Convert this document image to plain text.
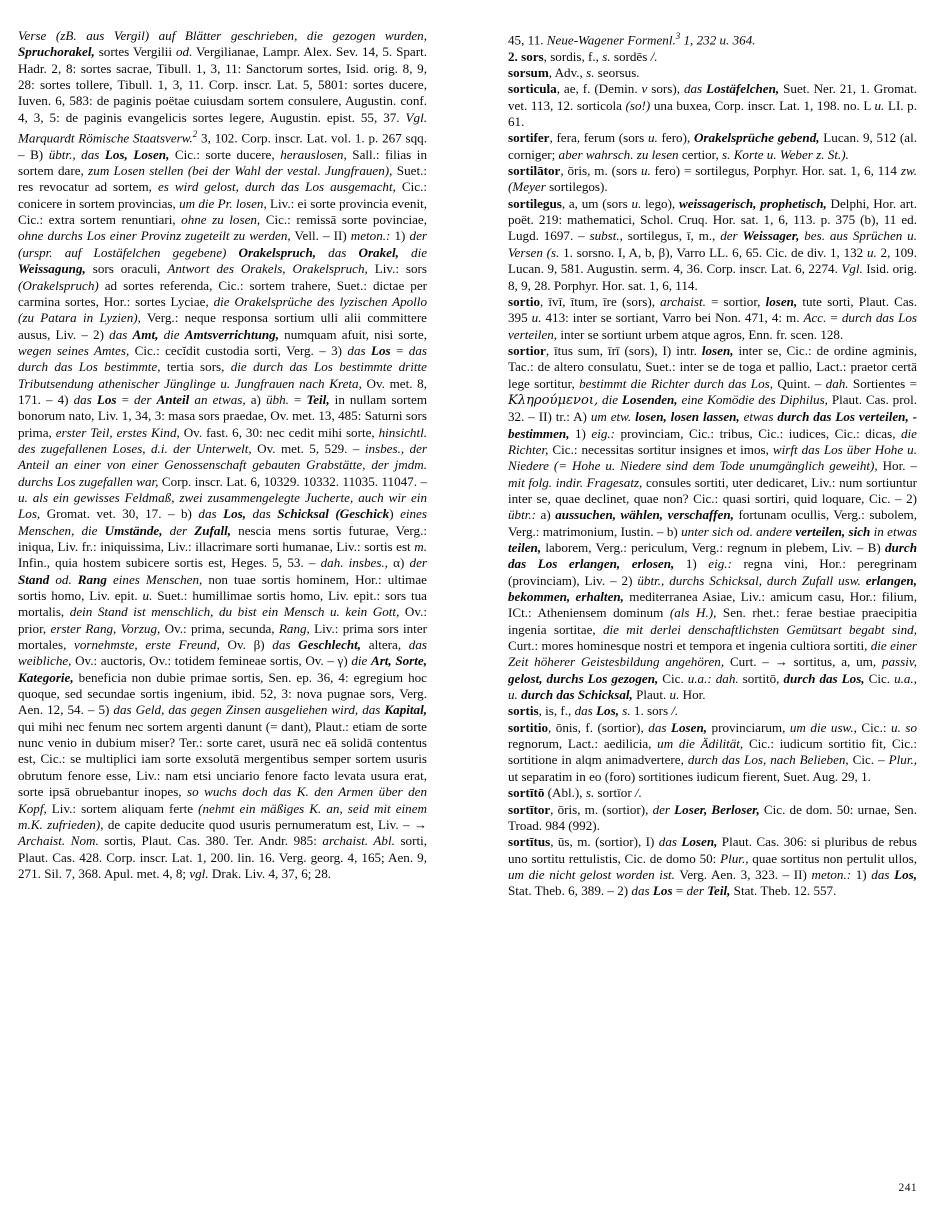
Verse (zB. aus Vergil) auf Blätter geschrieben, die gezogen wurden, Spruchorakel, sortes Vergilii od. Vergilianae, Lampr. Alex. Sev. 14, 5. Spart. Hadr. 2, 8: sortes sacrae, Tibull. 1, 3, 11: Sanctorum sortes, Isid. orig. 8, 9, 28: sortes tollere, Tibull. 1, 3, 11. Corp. inscr. Lat. 5, 5801: sortes ducere, Iuven. 6, 583: de paginis poëtae cuiusdam sortem consulere, Augustin. conf. 4, 3, 5: de paginis evangelicis sortes legere, Augustin. epist. 55, 37. Vgl. Marquardt Römische Staatsverw.$^2$ 3, 102. Corp. inscr. Lat. vol. 1. p. 267 sqq. – B) übtr., das Los, Losen, Cic.: sorte ducere, herauslosen, Sall.: filias in sortem dare, zum Losen stellen (bei der Wahl der vestal. Jungfrauen), Suet.: res revocatur ad sortem, es wird gelost, durch das Los ausgemacht, Cic.: conicere in sortem provincias, um die Pr. losen, Liv.: ei sorte provincia evenit, Cic.: extra sortem renuntiari, ohne zu losen, Cic.: remissā sorte povinciae, ohne durchs Los einer Provinz zugeteilt zu werden, Vell. – II) meton.: 1) der (urspr. auf Lostäfelchen gegebene) Orakelspruch, das Orakel, die Weissagung, sors oraculi, Antwort des Orakels, Orakelspruch, Liv.: sors (Orakelspruch) ad sortes referenda, Cic.: sortem trahere, Suet.: dictae per carmina sortes, Hor.: sortes Lyciae, die Orakelsprüche des lyzischen Apollo (zu Patara in Lyzien), Verg.: neque responsa sortium ulli alii committere ausus, Liv. – 2) das Amt, die Amtsverrichtung, numquam afuit, nisi sorte, wegen seines Amtes, Cic.: cecĭdit custodia sorti, Verg. – 3) das Los = das durch das Los bestimmte, tertia sors, die durch das Los bestimmte dritte Tributsendung athenischer Jünglinge u. Jungfrauen nach Kreta, Ov. met. 8, 171. – 4) das Los = der Anteil an etwas, a) übh. = Teil, in nullam sortem bonorum nato, Liv. 1, 34, 3: masa sors praedae, Ov. met. 13, 485: Saturni sors prima, erster Teil, erstes Kind, Ov. fast. 6, 30: nec cedit mihi sorte, hinsichtl. des zugefallenen Loses, d.i. der Unterwelt, Ov. met. 5, 529. – insbes., der Anteil an einer von einer Genossenschaft gebauten Grabstätte, der jmdm. durchs Los zugefallen war, Corp. inscr. Lat. 6, 10329. 10332. 11035. 11047. – u. als ein gewisses Feldmaß, zwei zusammengelegte Jucherte, auch wir ein Los, Gromat. vet. 30, 17. – b) das Los, das Schicksal (Geschick) eines Menschen, die Umstände, der Zufall, nescia mens sortis futurae, Verg.: iniqua, Liv. fr.: iniquissima, Liv.: illacrimare sorti humanae, Liv.: sortis est m. Infin., quia hostem subicere sortis est, Heges. 5, 53. – dah. insbes., α) der Stand od. Rang eines Menschen, non tuae sortis hominem, Hor.: ultimae sortis homo, Liv. epit. u. Suet.: humillimae sortis homo, Liv. epit.: sors tua mortalis, dein Stand ist menschlich, du bist ein Mensch u. kein Gott, Ov.: prior, erster Rang, Vorzug, Ov.: prima, secunda, Rang, Liv.: prima sors inter mortales, vornehmste, erste Freund, Ov. β) das Geschlecht, altera, das weibliche, Ov.: auctoris, Ov.: totidem femineae sortis, Ov. – γ) die Art, Sorte, Kategorie, beneficia non dubie primae sortis, Sen. ep. 36, 4: egregium hoc quoque, sed secundae sortis ingenium, ibid. 52, 3: nova pugnae sors, Verg. Aen. 12, 54. – 5) das Geld, das gegen Zinsen ausgeliehen wird, das Kapital, qui mihi nec fenum nec sortem argenti danunt (= dant), Plaut.: etiam de sorte nunc venio in dubium miser? Ter.: sorte caret, usurā nec eā solidā contentus est, Cic.: se multiplici iam sorte exsolutā mergentibus semper sortem usuris obrutum fenore esse, Liv.: nam etsi unciario fenore facto levata usura erat, sorte ipsā obruebantur inopes, so wuchs doch das K. den Armen über den Kopf, Liv.: sortem aliquam ferte (nehmt ein mäßiges K. an, seid mit einem m.K. zufrieden), de capite deducite quod usuris pernumeratum est, Liv. – → Archaist. Nom. sortis, Plaut. Cas. 380. Ter. Andr. 985: archaist. Abl. sorti, Plaut. Cas. 428. Corp. inscr. Lat. 1, 200. lin. 16. Verg. georg. 4, 165; Aen. 9, 271. Sil. 7, 368. Apul. met. 4, 8; vgl. Drak. Liv. 4, 37, 6; 28.

45, 11. Neue-Wagener Formenl.$^3$ 1, 232 u. 364.

2. sors, sordis, f., s. sordēs /.

sorsum, Adv., s. seorsus.

sorticula, ae, f. (Demin. v sors), das Lostäfelchen, Suet. Ner. 21, 1. Gromat. vet. 113, 12. sorticola (so!) una buxea, Corp. inscr. Lat. 1, 198. no. L u. LI. p. 61.

sortifer, fera, ferum (sors u. fero), Orakelsprüche gebend, Lucan. 9, 512 (al. corniger; aber wahrsch. zu lesen certior, s. Korte u. Weber z. St.).

sortilātor, ōris, m. (sors u. fero) = sortilegus, Porphyr. Hor. sat. 1, 6, 114 zw. (Meyer sortilegos).

sortilegus, a, um (sors u. lego), weissagerisch, prophetisch, Delphi, Hor. art. poët. 219: mathematici, Schol. Cruq. Hor. sat. 1, 6, 113. p. 375 (b), 11 ed. Lugd. 1697. – subst., sortilegus, ī, m., der Weissager, bes. aus Sprüchen u. Versen (s. 1. sorsno. I, A, b, β), Varro LL. 6, 65. Cic. de div. 1, 132 u. 2, 109. Lucan. 9, 581. Augustin. serm. 4, 36. Corp. inscr. Lat. 6, 2274. Vgl. Isid. orig. 8, 9, 28. Porphyr. Hor. sat. 1, 6, 114.

sortio, īvī, ītum, īre (sors), archaist. = sortior, losen, tute sorti, Plaut. Cas. 395 u. 413: inter se sortiant, Varro bei Non. 471, 4: m. Acc. = durch das Los verteilen, inter se sortiunt urbem atque agros, Enn. fr. scen. 128.

sortior, ītus sum, īrī (sors), I) intr. losen, inter se, Cic.: de ordine agminis, Tac.: de altero consulatu, Suet.: inter se de toga et pallio, Lact.: praetor certā lege sortitur, bestimmt die Richter durch das Los, Quint. – dah. Sortientes = Κληρούμενοι, die Losenden, eine Komödie des Diphilus, Plaut. Cas. prol. 32. – II) tr.: A) um etw. losen, losen lassen, etwas durch das Los verteilen, -bestimmen, 1) eig.: provinciam, Cic.: tribus, Cic.: iudices, Cic.: dicas, die Richter, Cic.: necessitas sortitur insignes et imos, wirft das Los über Hohe u. Niedere (= Hohe u. Niedere sind dem Tode unumgänglich geweiht), Hor. – mit folg. indir. Fragesatz, consules sortiti, uter dedicaret, Liv.: num sortiuntur inter se, quae declinet, quae non? Cic.: quasi sortiri, quid loquare, Cic. – 2) übtr.: a) aussuchen, wählen, verschaffen, fortunam ocullis, Verg.: subolem, Verg.: matrimonium, Iustin. – b) unter sich od. andere verteilen, sich in etwas teilen, laborem, Verg.: periculum, Verg.: regnum in plebem, Liv. – B) durch das Los erlangen, erlosen, 1) eig.: regna vini, Hor.: peregrinam (provinciam), Liv. – 2) übtr., durchs Schicksal, durch Zufall usw. erlangen, bekommen, erhalten, mediterranea Asiae, Liv.: amicum casu, Hor.: filium, ICt.: Atheniensem dominum (als H.), Sen. rhet.: ferae bestiae praecipitia ingenia sortitae, die mit derlei denschaftlichsten Gemütsart begabt sind, Curt.: mores hominesque nostri et tempora et ingenia cultiora sortiti, die einer Zeit höherer Geistesbildung angehören, Curt. – → sortitus, a, um, passiv, gelost, durchs Los gezogen, Cic. u.a.: dah. sortitō, durch das Los, Cic. u.a., u. durch das Schicksal, Plaut. u. Hor.

sortis, is, f., das Los, s. 1. sors /.

sortitio, ōnis, f. (sortior), das Losen, provinciarum, um die usw., Cic.: u. so regnorum, Lact.: aedilicia, um die Ädilität, Cic.: iudicum sortitio fit, Cic.: sortitione in alqm animadvertere, durch das Los, nach Belieben, Cic. – Plur., ut separatim in eo (foro) sortitiones iudicum fierent, Suet. Aug. 29, 1.

sortītō (Abl.), s. sortīor /.

sortītor, ōris, m. (sortior), der Loser, Berloser, Cic. de dom. 50: urnae, Sen. Troad. 984 (992).

sortītus, ūs, m. (sortior), I) das Losen, Plaut. Cas. 306: si pluribus de rebus uno sortitu rettulistis, Cic. de domo 50: Plur., quae sortitus non pertulit ullos, um die nicht gelost worden ist. Verg. Aen. 3, 323. – II) meton.: 1) das Los, Stat. Theb. 6, 389. – 2) das Los = der Teil, Stat. Theb. 12. 557.

241
